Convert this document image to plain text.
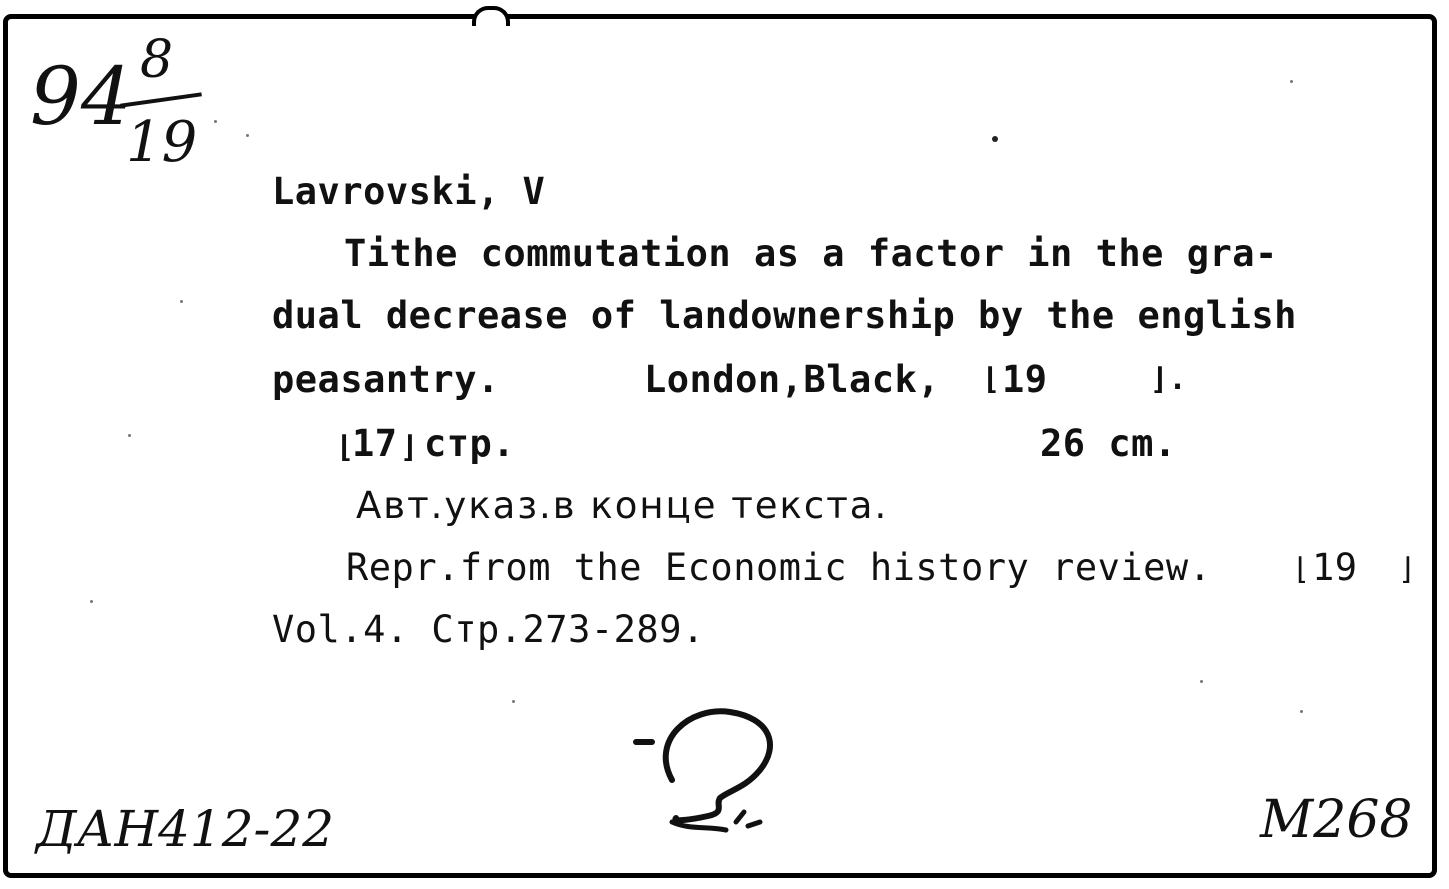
94 8
19
Lavrovski, V
Tithe commutation as a factor in the gra-
dual decrease of landownership by the english
peasantry.	London,Black, ⌊ 19	⌋.
⌊
17 ⌋ стр.	26 cm.
Авт.указ.в конце текста.
Repr.from the Economic history review.	⌊ 19 ⌋
Vol.4. Стр.273-289.
ДАН412-22	M268
